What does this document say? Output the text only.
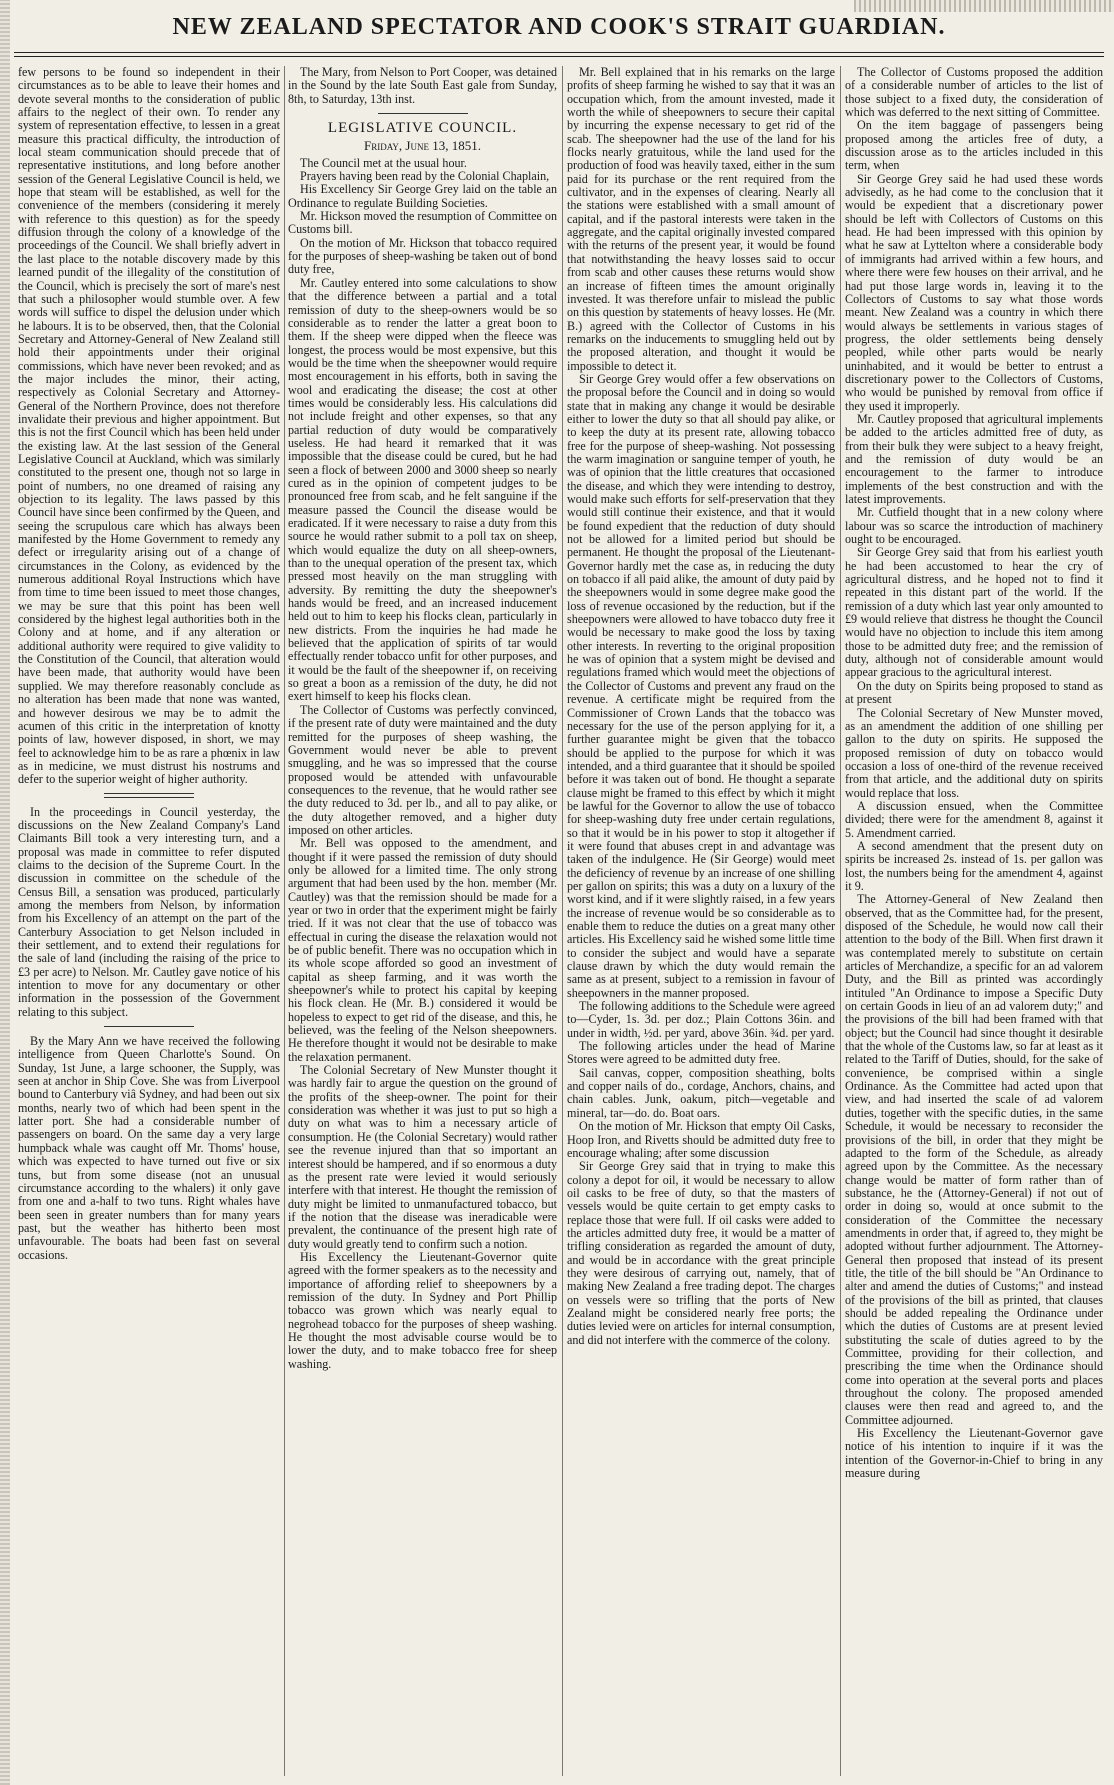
NEW ZEALAND SPECTATOR AND COOK'S STRAIT GUARDIAN.

few persons to be found so independent in their circumstances as to be able to leave their homes and devote several months to the consideration of public affairs to the neglect of their own. To render any system of representation effective, to lessen in a great measure this practical difficulty, the introduction of local steam communication should precede that of representative institutions, and long before another session of the General Legislative Council is held, we hope that steam will be established, as well for the convenience of the members (considering it merely with reference to this question) as for the speedy diffusion through the colony of a knowledge of the proceedings of the Council. We shall briefly advert in the last place to the notable discovery made by this learned pundit of the illegality of the constitution of the Council, which is precisely the sort of mare's nest that such a philosopher would stumble over. A few words will suffice to dispel the delusion under which he labours. It is to be observed, then, that the Colonial Secretary and Attorney-General of New Zealand still hold their appointments under their original commissions, which have never been revoked; and as the major includes the minor, their acting, respectively as Colonial Secretary and Attorney-General of the Northern Province, does not therefore invalidate their previous and higher appointment. But this is not the first Council which has been held under the existing law. At the last session of the General Legislative Council at Auckland, which was similarly constituted to the present one, though not so large in point of numbers, no one dreamed of raising any objection to its legality. The laws passed by this Council have since been confirmed by the Queen, and seeing the scrupulous care which has always been manifested by the Home Government to remedy any defect or irregularity arising out of a change of circumstances in the Colony, as evidenced by the numerous additional Royal Instructions which have from time to time been issued to meet those changes, we may be sure that this point has been well considered by the highest legal authorities both in the Colony and at home, and if any alteration or additional authority were required to give validity to the Constitution of the Council, that alteration would have been made, that authority would have been supplied. We may therefore reasonably conclude as no alteration has been made that none was wanted, and however desirous we may be to admit the acumen of this critic in the interpretation of knotty points of law, however disposed, in short, we may feel to acknowledge him to be as rare a phœnix in law as in medicine, we must distrust his nostrums and defer to the superior weight of higher authority.

In the proceedings in Council yesterday, the discussions on the New Zealand Company's Land Claimants Bill took a very interesting turn, and a proposal was made in committee to refer disputed claims to the decision of the Supreme Court. In the discussion in committee on the schedule of the Census Bill, a sensation was produced, particularly among the members from Nelson, by information from his Excellency of an attempt on the part of the Canterbury Association to get Nelson included in their settlement, and to extend their regulations for the sale of land (including the raising of the price to £3 per acre) to Nelson. Mr. Cautley gave notice of his intention to move for any documentary or other information in the possession of the Government relating to this subject.

By the Mary Ann we have received the following intelligence from Queen Charlotte's Sound. On Sunday, 1st June, a large schooner, the Supply, was seen at anchor in Ship Cove. She was from Liverpool bound to Canterbury viâ Sydney, and had been out six months, nearly two of which had been spent in the latter port. She had a considerable number of passengers on board. On the same day a very large humpback whale was caught off Mr. Thoms' house, which was expected to have turned out five or six tuns, but from some disease (not an unusual circumstance according to the whalers) it only gave from one and a-half to two tuns. Right whales have been seen in greater numbers than for many years past, but the weather has hitherto been most unfavourable. The boats had been fast on several occasions.

The Mary, from Nelson to Port Cooper, was detained in the Sound by the late South East gale from Sunday, 8th, to Saturday, 13th inst.

LEGISLATIVE COUNCIL.
Friday, June 13, 1851.

The Council met at the usual hour.

Prayers having been read by the Colonial Chaplain,

His Excellency Sir George Grey laid on the table an Ordinance to regulate Building Societies.

Mr. Hickson moved the resumption of Committee on Customs bill.

On the motion of Mr. Hickson that tobacco required for the purposes of sheep-washing be taken out of bond duty free,

Mr. Cautley entered into some calculations to show that the difference between a partial and a total remission of duty to the sheep-owners would be so considerable as to render the latter a great boon to them. If the sheep were dipped when the fleece was longest, the process would be most expensive, but this would be the time when the sheepowner would require most encouragement in his efforts, both in saving the wool and eradicating the disease; the cost at other times would be considerably less. His calculations did not include freight and other expenses, so that any partial reduction of duty would be comparatively useless. He had heard it remarked that it was impossible that the disease could be cured, but he had seen a flock of between 2000 and 3000 sheep so nearly cured as in the opinion of competent judges to be pronounced free from scab, and he felt sanguine if the measure passed the Council the disease would be eradicated. If it were necessary to raise a duty from this source he would rather submit to a poll tax on sheep, which would equalize the duty on all sheep-owners, than to the unequal operation of the present tax, which pressed most heavily on the man struggling with adversity. By remitting the duty the sheepowner's hands would be freed, and an increased inducement held out to him to keep his flocks clean, particularly in new districts. From the inquiries he had made he believed that the application of spirits of tar would effectually render tobacco unfit for other purposes, and it would be the fault of the sheepowner if, on receiving so great a boon as a remission of the duty, he did not exert himself to keep his flocks clean.

The Collector of Customs was perfectly convinced, if the present rate of duty were maintained and the duty remitted for the purposes of sheep washing, the Government would never be able to prevent smuggling, and he was so impressed that the course proposed would be attended with unfavourable consequences to the revenue, that he would rather see the duty reduced to 3d. per lb., and all to pay alike, or the duty altogether removed, and a higher duty imposed on other articles.

Mr. Bell was opposed to the amendment, and thought if it were passed the remission of duty should only be allowed for a limited time. The only strong argument that had been used by the hon. member (Mr. Cautley) was that the remission should be made for a year or two in order that the experiment might be fairly tried. If it was not clear that the use of tobacco was effectual in curing the disease the relaxation would not be of public benefit. There was no occupation which in its whole scope afforded so good an investment of capital as sheep farming, and it was worth the sheepowner's while to protect his capital by keeping his flock clean. He (Mr. B.) considered it would be hopeless to expect to get rid of the disease, and this, he believed, was the feeling of the Nelson sheepowners. He therefore thought it would not be desirable to make the relaxation permanent.

The Colonial Secretary of New Munster thought it was hardly fair to argue the question on the ground of the profits of the sheep-owner. The point for their consideration was whether it was just to put so high a duty on what was to him a necessary article of consumption. He (the Colonial Secretary) would rather see the revenue injured than that so important an interest should be hampered, and if so enormous a duty as the present rate were levied it would seriously interfere with that interest. He thought the remission of duty might be limited to unmanufactured tobacco, but if the notion that the disease was ineradicable were prevalent, the continuance of the present high rate of duty would greatly tend to confirm such a notion.

His Excellency the Lieutenant-Governor quite agreed with the former speakers as to the necessity and importance of affording relief to sheepowners by a remission of the duty. In Sydney and Port Phillip tobacco was grown which was nearly equal to negrohead tobacco for the purposes of sheep washing. He thought the most advisable course would be to lower the duty, and to make tobacco free for sheep washing.

Mr. Bell explained that in his remarks on the large profits of sheep farming he wished to say that it was an occupation which, from the amount invested, made it worth the while of sheepowners to secure their capital by incurring the expense necessary to get rid of the scab. The sheepowner had the use of the land for his flocks nearly gratuitous, while the land used for the production of food was heavily taxed, either in the sum paid for its purchase or the rent required from the cultivator, and in the expenses of clearing. Nearly all the stations were established with a small amount of capital, and if the pastoral interests were taken in the aggregate, and the capital originally invested compared with the returns of the present year, it would be found that notwithstanding the heavy losses said to occur from scab and other causes these returns would show an increase of fifteen times the amount originally invested. It was therefore unfair to mislead the public on this question by statements of heavy losses. He (Mr. B.) agreed with the Collector of Customs in his remarks on the inducements to smuggling held out by the proposed alteration, and thought it would be impossible to detect it.

Sir George Grey would offer a few observations on the proposal before the Council and in doing so would state that in making any change it would be desirable either to lower the duty so that all should pay alike, or to keep the duty at its present rate, allowing tobacco free for the purpose of sheep-washing. Not possessing the warm imagination or sanguine temper of youth, he was of opinion that the little creatures that occasioned the disease, and which they were intending to destroy, would make such efforts for self-preservation that they would still continue their existence, and that it would be found expedient that the reduction of duty should not be allowed for a limited period but should be permanent. He thought the proposal of the Lieutenant-Governor hardly met the case as, in reducing the duty on tobacco if all paid alike, the amount of duty paid by the sheepowners would in some degree make good the loss of revenue occasioned by the reduction, but if the sheepowners were allowed to have tobacco duty free it would be necessary to make good the loss by taxing other interests. In reverting to the original proposition he was of opinion that a system might be devised and regulations framed which would meet the objections of the Collector of Customs and prevent any fraud on the revenue. A certificate might be required from the Commissioner of Crown Lands that the tobacco was necessary for the use of the person applying for it, a further guarantee might be given that the tobacco should be applied to the purpose for which it was intended, and a third guarantee that it should be spoiled before it was taken out of bond. He thought a separate clause might be framed to this effect by which it might be lawful for the Governor to allow the use of tobacco for sheep-washing duty free under certain regulations, so that it would be in his power to stop it altogether if it were found that abuses crept in and advantage was taken of the indulgence. He (Sir George) would meet the deficiency of revenue by an increase of one shilling per gallon on spirits; this was a duty on a luxury of the worst kind, and if it were slightly raised, in a few years the increase of revenue would be so considerable as to enable them to reduce the duties on a great many other articles. His Excellency said he wished some little time to consider the subject and would have a separate clause drawn by which the duty would remain the same as at present, subject to a remission in favour of sheepowners in the manner proposed.

The following additions to the Schedule were agreed to—Cyder, 1s. 3d. per doz.; Plain Cottons 36in. and under in width, ½d. per yard, above 36in. ¾d. per yard.

The following articles under the head of Marine Stores were agreed to be admitted duty free.

Sail canvas, copper, composition sheathing, bolts and copper nails of do., cordage, Anchors, chains, and chain cables. Junk, oakum, pitch—vegetable and mineral, tar—do. do. Boat oars.

On the motion of Mr. Hickson that empty Oil Casks, Hoop Iron, and Rivetts should be admitted duty free to encourage whaling; after some discussion

Sir George Grey said that in trying to make this colony a depot for oil, it would be necessary to allow oil casks to be free of duty, so that the masters of vessels would be quite certain to get empty casks to replace those that were full. If oil casks were added to the articles admitted duty free, it would be a matter of trifling consideration as regarded the amount of duty, and would be in accordance with the great principle they were desirous of carrying out, namely, that of making New Zealand a free trading depot. The charges on vessels were so trifling that the ports of New Zealand might be considered nearly free ports; the duties levied were on articles for internal consumption, and did not interfere with the commerce of the colony.

The Collector of Customs proposed the addition of a considerable number of articles to the list of those subject to a fixed duty, the consideration of which was deferred to the next sitting of Committee.

On the item baggage of passengers being proposed among the articles free of duty, a discussion arose as to the articles included in this term, when

Sir George Grey said he had used these words advisedly, as he had come to the conclusion that it would be expedient that a discretionary power should be left with Collectors of Customs on this head. He had been impressed with this opinion by what he saw at Lyttelton where a considerable body of immigrants had arrived within a few hours, and where there were few houses on their arrival, and he had put those large words in, leaving it to the Collectors of Customs to say what those words meant. New Zealand was a country in which there would always be settlements in various stages of progress, the older settlements being densely peopled, while other parts would be nearly uninhabited, and it would be better to entrust a discretionary power to the Collectors of Customs, who would be punished by removal from office if they used it improperly.

Mr. Cautley proposed that agricultural implements be added to the articles admitted free of duty, as from their bulk they were subject to a heavy freight, and the remission of duty would be an encouragement to the farmer to introduce implements of the best construction and with the latest improvements.

Mr. Cutfield thought that in a new colony where labour was so scarce the introduction of machinery ought to be encouraged.

Sir George Grey said that from his earliest youth he had been accustomed to hear the cry of agricultural distress, and he hoped not to find it repeated in this distant part of the world. If the remission of a duty which last year only amounted to £9 would relieve that distress he thought the Council would have no objection to include this item among those to be admitted duty free; and the remission of duty, although not of considerable amount would appear gracious to the agricultural interest.

On the duty on Spirits being proposed to stand as at present

The Colonial Secretary of New Munster moved, as an amendment the addition of one shilling per gallon to the duty on spirits. He supposed the proposed remission of duty on tobacco would occasion a loss of one-third of the revenue received from that article, and the additional duty on spirits would replace that loss.

A discussion ensued, when the Committee divided; there were for the amendment 8, against it 5. Amendment carried.

A second amendment that the present duty on spirits be increased 2s. instead of 1s. per gallon was lost, the numbers being for the amendment 4, against it 9.

The Attorney-General of New Zealand then observed, that as the Committee had, for the present, disposed of the Schedule, he would now call their attention to the body of the Bill. When first drawn it was contemplated merely to substitute on certain articles of Merchandize, a specific for an ad valorem Duty, and the Bill as printed was accordingly intituled "An Ordinance to impose a Specific Duty on certain Goods in lieu of an ad valorem duty;" and the provisions of the bill had been framed with that object; but the Council had since thought it desirable that the whole of the Customs law, so far at least as it related to the Tariff of Duties, should, for the sake of convenience, be comprised within a single Ordinance. As the Committee had acted upon that view, and had inserted the scale of ad valorem duties, together with the specific duties, in the same Schedule, it would be necessary to reconsider the provisions of the bill, in order that they might be adapted to the form of the Schedule, as already agreed upon by the Committee. As the necessary change would be matter of form rather than of substance, he the (Attorney-General) if not out of order in doing so, would at once submit to the consideration of the Committee the necessary amendments in order that, if agreed to, they might be adopted without further adjournment. The Attorney-General then proposed that instead of its present title, the title of the bill should be "An Ordinance to alter and amend the duties of Customs;" and instead of the provisions of the bill as printed, that clauses should be added repealing the Ordinance under which the duties of Customs are at present levied substituting the scale of duties agreed to by the Committee, providing for their collection, and prescribing the time when the Ordinance should come into operation at the several ports and places throughout the colony. The proposed amended clauses were then read and agreed to, and the Committee adjourned.

His Excellency the Lieutenant-Governor gave notice of his intention to inquire if it was the intention of the Governor-in-Chief to bring in any measure during
